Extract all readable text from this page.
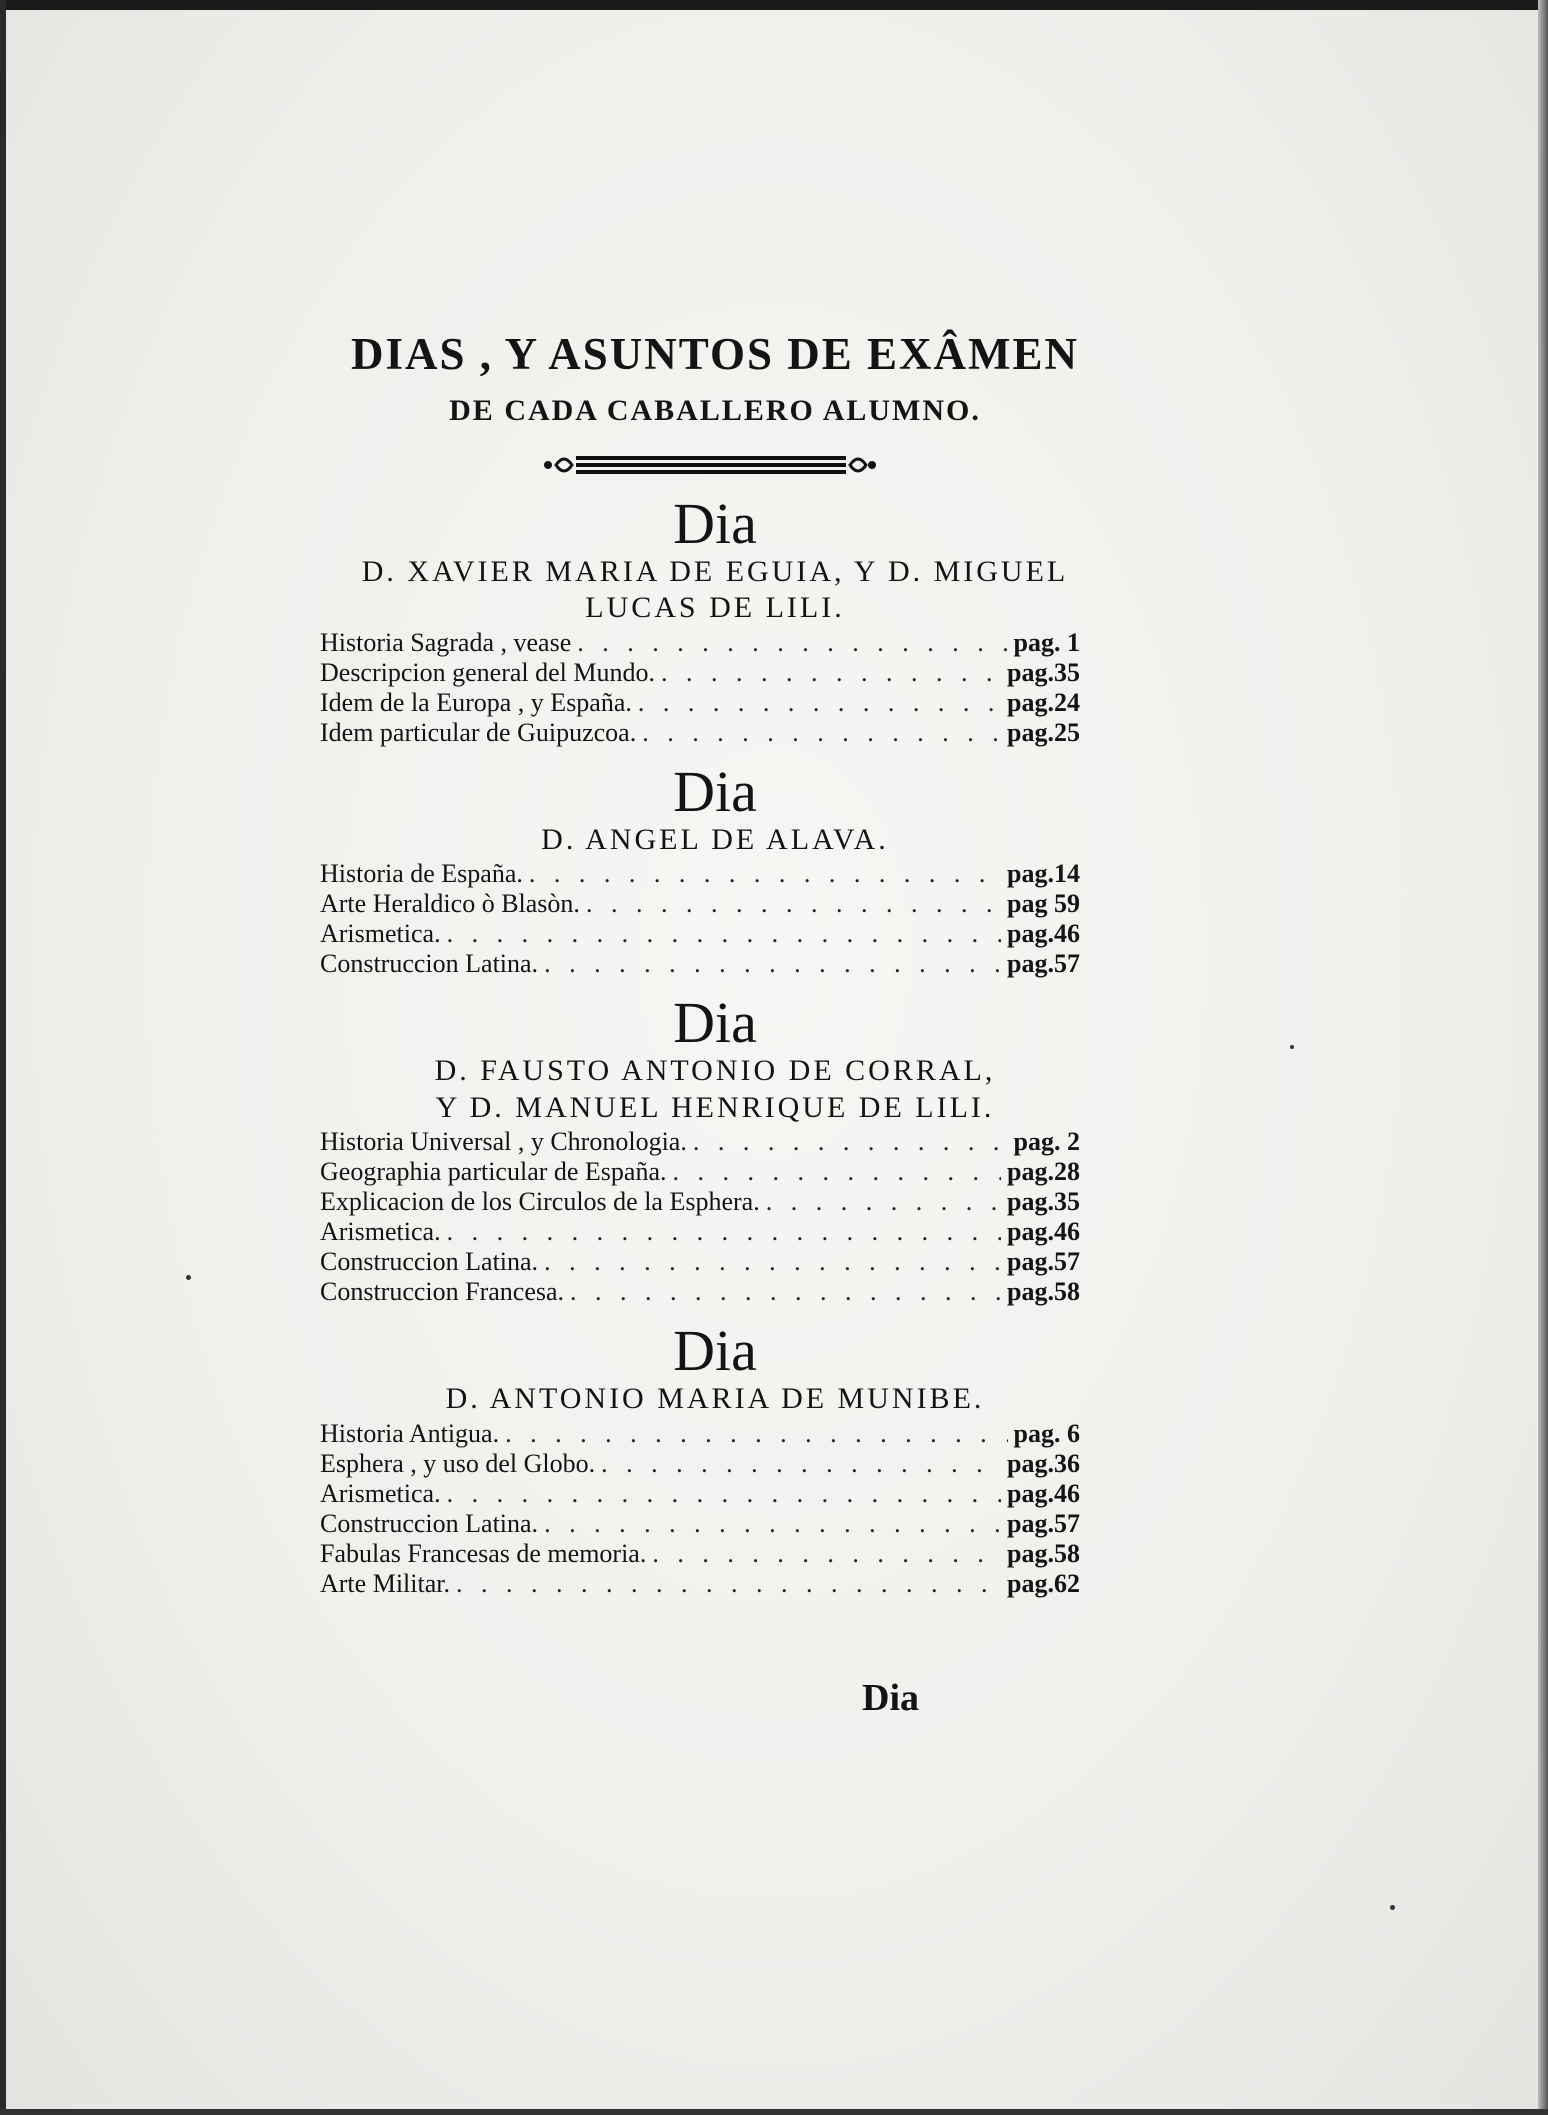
DIAS , Y ASUNTOS DE EXÂMEN
DE CADA CABALLERO ALUMNO.
Dia
D. XAVIER MARIA DE EGUIA, Y D. MIGUEL
LUCAS DE LILI.
Historia Sagrada , vease . . .	pag. 1
Descripcion general del Mundo. . . .	pag.35
Idem de la Europa , y España. . . .	pag.24
Idem particular de Guipuzcoa. . . .	pag.25
Dia
D. ANGEL DE ALAVA.
Historia de España. . . .	pag.14
Arte Heraldico ò Blasòn. . . .	pag 59
Arismetica. . . .	pag.46
Construccion Latina. . . .	pag.57
Dia
D. FAUSTO ANTONIO DE CORRAL,
Y D. MANUEL HENRIQUE DE LILI.
Historia Universal , y Chronologia. . . .	pag. 2
Geographia particular de España. . . .	pag.28
Explicacion de los Circulos de la Esphera. . . .	pag.35
Arismetica. . . .	pag.46
Construccion Latina. . . .	pag.57
Construccion Francesa. . . .	pag.58
Dia
D. ANTONIO MARIA DE MUNIBE.
Historia Antigua. . . .	pag. 6
Esphera , y uso del Globo. . . .	pag.36
Arismetica. . . .	pag.46
Construccion Latina. . . .	pag.57
Fabulas Francesas de memoria. . . .	pag.58
Arte Militar. . . .	pag.62
Dia
